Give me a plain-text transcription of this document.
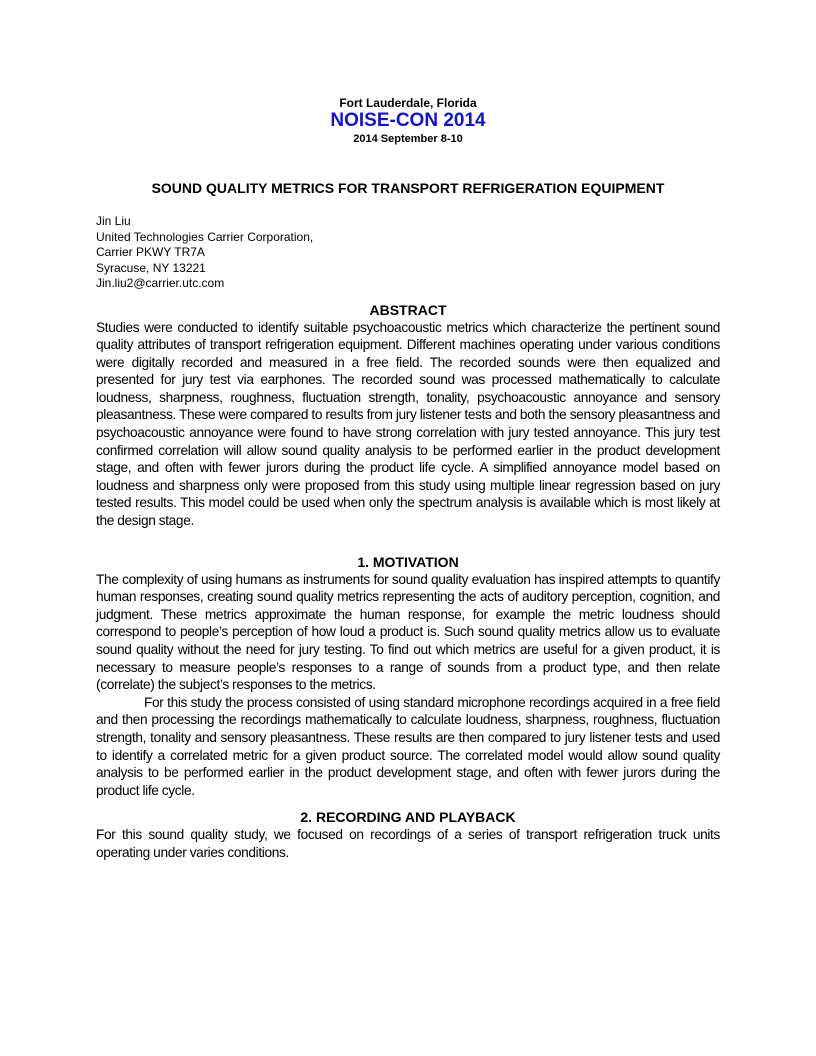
Fort Lauderdale, Florida
NOISE-CON 2014
2014 September 8-10
SOUND QUALITY METRICS FOR TRANSPORT REFRIGERATION EQUIPMENT
Jin Liu
United Technologies Carrier Corporation,
Carrier PKWY TR7A
Syracuse, NY 13221
Jin.liu2@carrier.utc.com
ABSTRACT

Studies were conducted to identify suitable psychoacoustic metrics which characterize the pertinent sound quality attributes of transport refrigeration equipment. Different machines operating under various conditions were digitally recorded and measured in a free field. The recorded sounds were then equalized and presented for jury test via earphones. The recorded sound was processed mathematically to calculate loudness, sharpness, roughness, fluctuation strength, tonality, psychoacoustic annoyance and sensory pleasantness. These were compared to results from jury listener tests and both the sensory pleasantness and psychoacoustic annoyance were found to have strong correlation with jury tested annoyance. This jury test confirmed correlation will allow sound quality analysis to be performed earlier in the product development stage, and often with fewer jurors during the product life cycle. A simplified annoyance model based on loudness and sharpness only were proposed from this study using multiple linear regression based on jury tested results. This model could be used when only the spectrum analysis is available which is most likely at the design stage.

1. MOTIVATION

The complexity of using humans as instruments for sound quality evaluation has inspired attempts to quantify human responses, creating sound quality metrics representing the acts of auditory perception, cognition, and judgment. These metrics approximate the human response, for example the metric loudness should correspond to people’s perception of how loud a product is. Such sound quality metrics allow us to evaluate sound quality without the need for jury testing. To find out which metrics are useful for a given product, it is necessary to measure people’s responses to a range of sounds from a product type, and then relate (correlate) the subject’s responses to the metrics.

For this study the process consisted of using standard microphone recordings acquired in a free field and then processing the recordings mathematically to calculate loudness, sharpness, roughness, fluctuation strength, tonality and sensory pleasantness. These results are then compared to jury listener tests and used to identify a correlated metric for a given product source. The correlated model would allow sound quality analysis to be performed earlier in the product development stage, and often with fewer jurors during the product life cycle.

2. RECORDING AND PLAYBACK

For this sound quality study, we focused on recordings of a series of transport refrigeration truck units operating under varies conditions.
